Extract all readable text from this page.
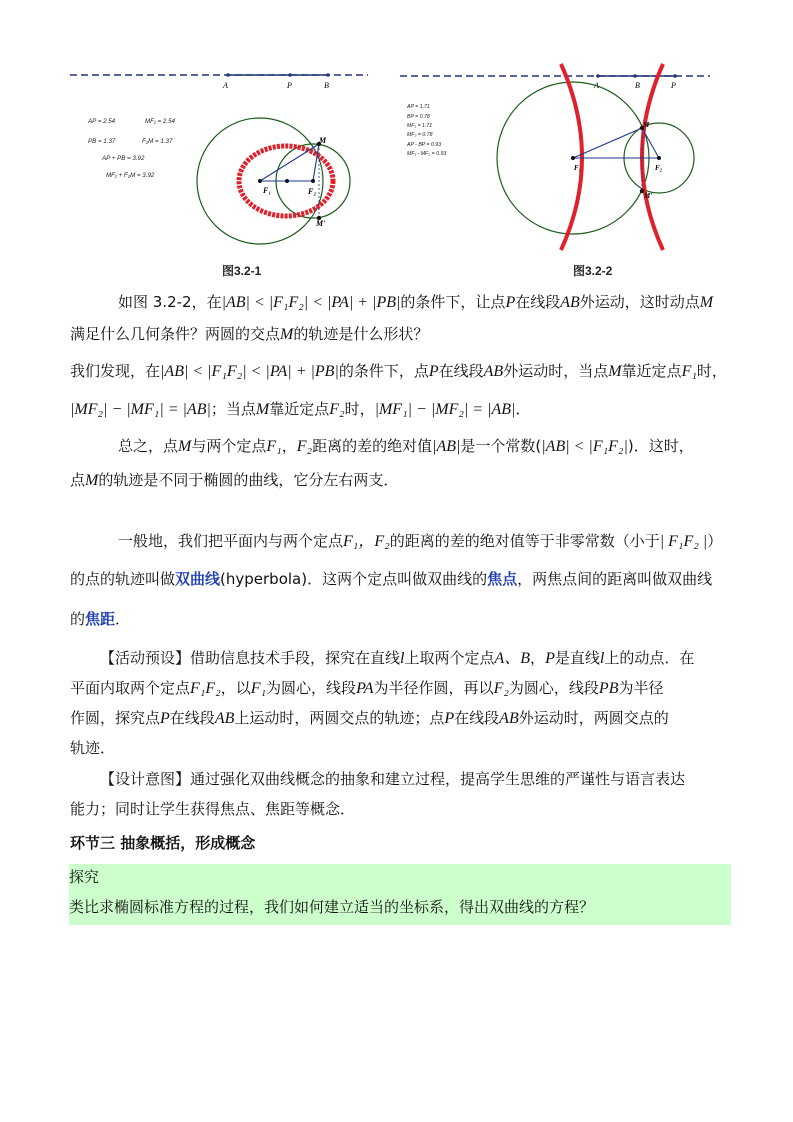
A	P	B
AP = 2.54	MF₁ = 2.54
PB = 1.37	F₂M = 1.37
AP + PB = 3.92
MF₁ + F₂M = 3.92
F₁	F₂
M
M'
图3.2-1
A	B	P
AP = 1.71
BP = 0.78
MF₁ = 1.71
MF₂ = 0.78
AP - BP = 0.93
MF₁ - MF₂ = 0.93
F₁	F₂
M
M'
图3.2-2
如图 3.2-2，在|AB| < |F₁F₂| < |PA| + |PB|的条件下，让点P在线段AB外运动，这时动点M
满足什么几何条件？两圆的交点M的轨迹是什么形状？
我们发现，在|AB| < |F₁F₂| < |PA| + |PB|的条件下，点P在线段AB外运动时，当点M靠近定点F₁时，
|MF₂| − |MF₁| = |AB|；当点M靠近定点F₂时，|MF₁| − |MF₂| = |AB|．
总之，点M与两个定点F₁，F₂距离的差的绝对值|AB|是一个常数(|AB| < |F₁F₂|)．这时，
点M的轨迹是不同于椭圆的曲线，它分左右两支．
一般地，我们把平面内与两个定点F₁，F₂的距离的差的绝对值等于非零常数（小于| F₁F₂ |）
的点的轨迹叫做双曲线(hyperbola)．这两个定点叫做双曲线的焦点，两焦点间的距离叫做双曲线
的焦距．
【活动预设】借助信息技术手段，探究在直线l上取两个定点A、B，P是直线l上的动点．在
平面内取两个定点F₁F₂，以F₁为圆心，线段PA为半径作圆，再以F₂为圆心，线段PB为半径
作圆，探究点P在线段AB上运动时，两圆交点的轨迹；点P在线段AB外运动时，两圆交点的
轨迹．
【设计意图】通过强化双曲线概念的抽象和建立过程，提高学生思维的严谨性与语言表达
能力；同时让学生获得焦点、焦距等概念．
环节三 抽象概括，形成概念
探究
类比求椭圆标准方程的过程，我们如何建立适当的坐标系，得出双曲线的方程？
